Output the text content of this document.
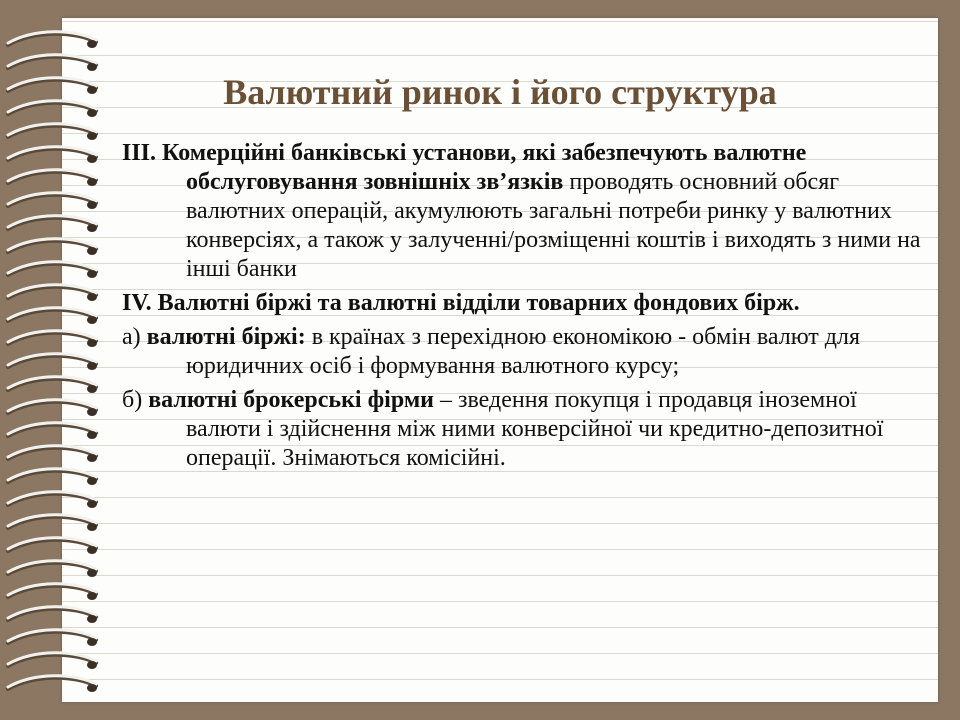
Валютний ринок і його структура

III. Комерційні банківські установи, які забезпечують валютне обслуговування зовнішніх зв’язків проводять основний обсяг валютних операцій, акумулюють загальні потреби ринку у валютних конверсіях, а також у залученні/розміщенні коштів і виходять з ними на інші банки

IV. Валютні біржі та валютні відділи товарних фондових бірж.

а) валютні біржі: в країнах з перехідною економікою - обмін валют для юридичних осіб і формування валютного курсу;

б) валютні брокерські фірми – зведення покупця і продавця іноземної валюти і здійснення між ними конверсійної чи кредитно-депозитної операції. Знімаються комісійні.
